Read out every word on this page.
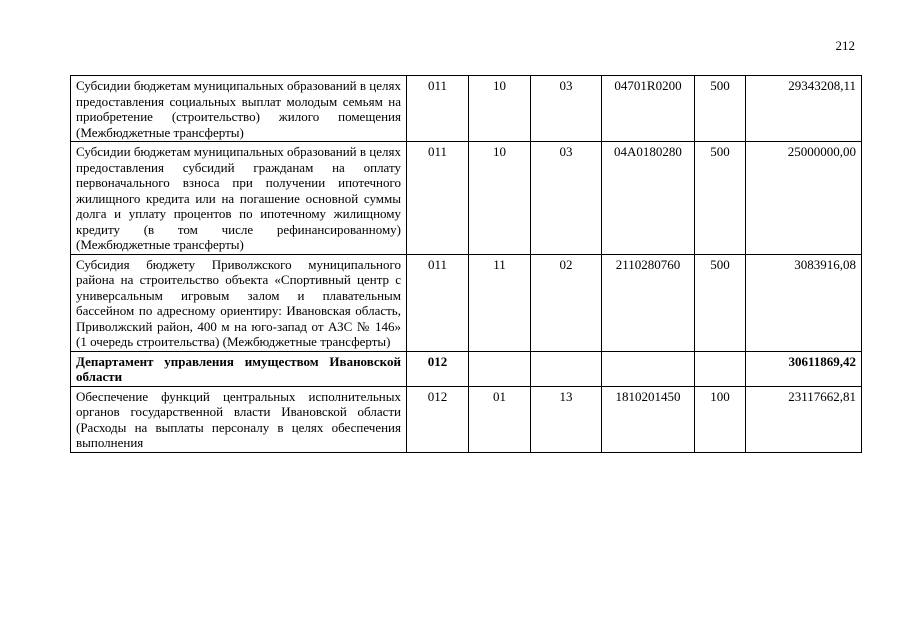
212
Субсидии бюджетам муниципальных образований в целях предоставления социальных выплат молодым семьям на приобретение (строительство) жилого помещения (Межбюджетные трансферты)	011	10	03	04701R0200	500	29343208,11
Субсидии бюджетам муниципальных образований в целях предоставления субсидий гражданам на оплату первоначального взноса при получении ипотечного жилищного кредита или на погашение основной суммы долга и уплату процентов по ипотечному жилищному кредиту (в том числе рефинансированному) (Межбюджетные трансферты)	011	10	03	04А0180280	500	25000000,00
Субсидия бюджету Приволжского муниципального района на строительство объекта «Спортивный центр с универсальным игровым залом и плавательным бассейном по адресному ориентиру: Ивановская область, Приволжский район, 400 м на юго-запад от АЗС № 146» (1 очередь строительства) (Межбюджетные трансферты)	011	11	02	2110280760	500	3083916,08
Департамент управления имуществом Ивановской области	012					30611869,42
Обеспечение функций центральных исполнительных органов государственной власти Ивановской области (Расходы на выплаты персоналу в целях обеспечения выполнения	012	01	13	1810201450	100	23117662,81
